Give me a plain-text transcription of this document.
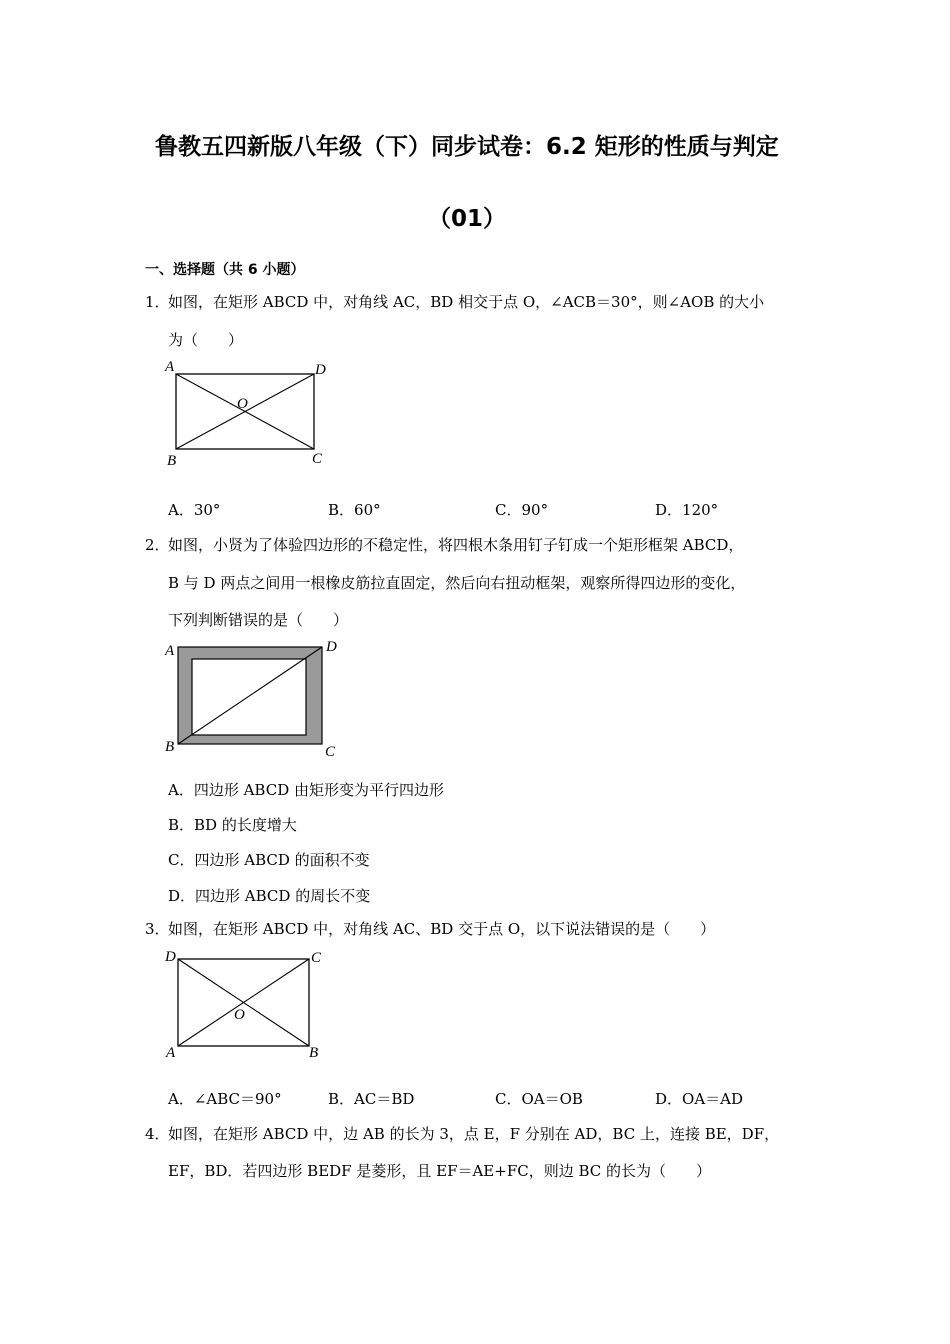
鲁教五四新版八年级（下）同步试卷：6.2 矩形的性质与判定
（01）
一、选择题（共 6 小题）
1．
如图，在矩形 ABCD 中，对角线 AC，BD 相交于点 O，∠ACB＝30°，则∠AOB 的大小
为（　　）
A	D
O
B	C
A．30°	B．60°	C．90°	D．120°
2．
如图，小贤为了体验四边形的不稳定性，将四根木条用钉子钉成一个矩形框架 ABCD，
B 与 D 两点之间用一根橡皮筋拉直固定，然后向右扭动框架，观察所得四边形的变化，
下列判断错误的是（　　）
A	D
B	C
A．四边形 ABCD 由矩形变为平行四边形
B．BD 的长度增大
C．四边形 ABCD 的面积不变
D．四边形 ABCD 的周长不变
3．
如图，在矩形 ABCD 中，对角线 AC、BD 交于点 O，以下说法错误的是（　　）
D	C
O
A	B
A．∠ABC＝90°	B．AC＝BD	C．OA＝OB	D．OA＝AD
4．
如图，在矩形 ABCD 中，边 AB 的长为 3，点 E，F 分别在 AD，BC 上，连接 BE，DF，
EF，BD．若四边形 BEDF 是菱形，且 EF＝AE+FC，则边 BC 的长为（　　）
